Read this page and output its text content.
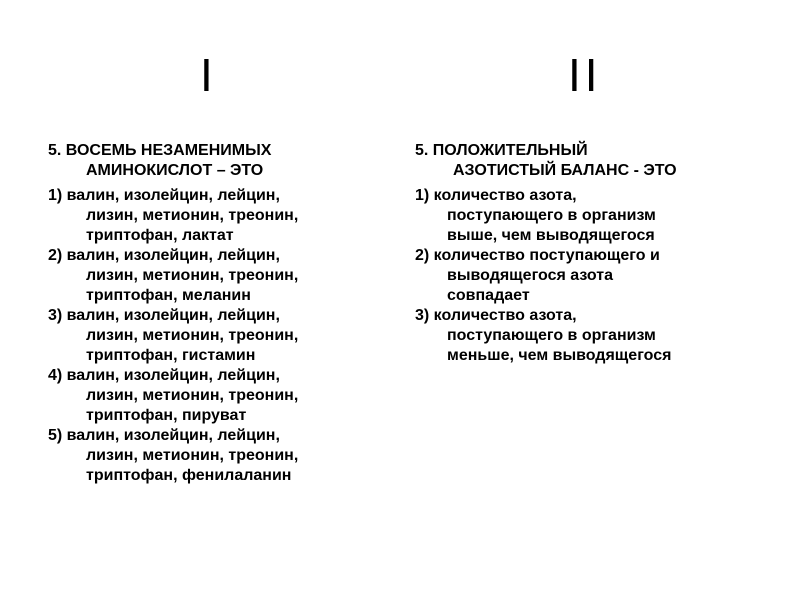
I	II
5. ВОСЕМЬ НЕЗАМЕНИМЫХ
АМИНОКИСЛОТ – ЭТО
1) валин, изолейцин, лейцин,
лизин, метионин, треонин,
триптофан, лактат
2) валин, изолейцин, лейцин,
лизин, метионин, треонин,
триптофан, меланин
3) валин, изолейцин, лейцин,
лизин, метионин, треонин,
триптофан, гистамин
4) валин, изолейцин, лейцин,
лизин, метионин, треонин,
триптофан, пируват
5) валин, изолейцин, лейцин,
лизин, метионин, треонин,
триптофан, фенилаланин
5. ПОЛОЖИТЕЛЬНЫЙ
АЗОТИСТЫЙ БАЛАНС - ЭТО
1) количество азота,
поступающего в организм
выше, чем выводящегося
2) количество поступающего и
выводящегося азота
совпадает
3) количество азота,
поступающего в организм
меньше, чем выводящегося
